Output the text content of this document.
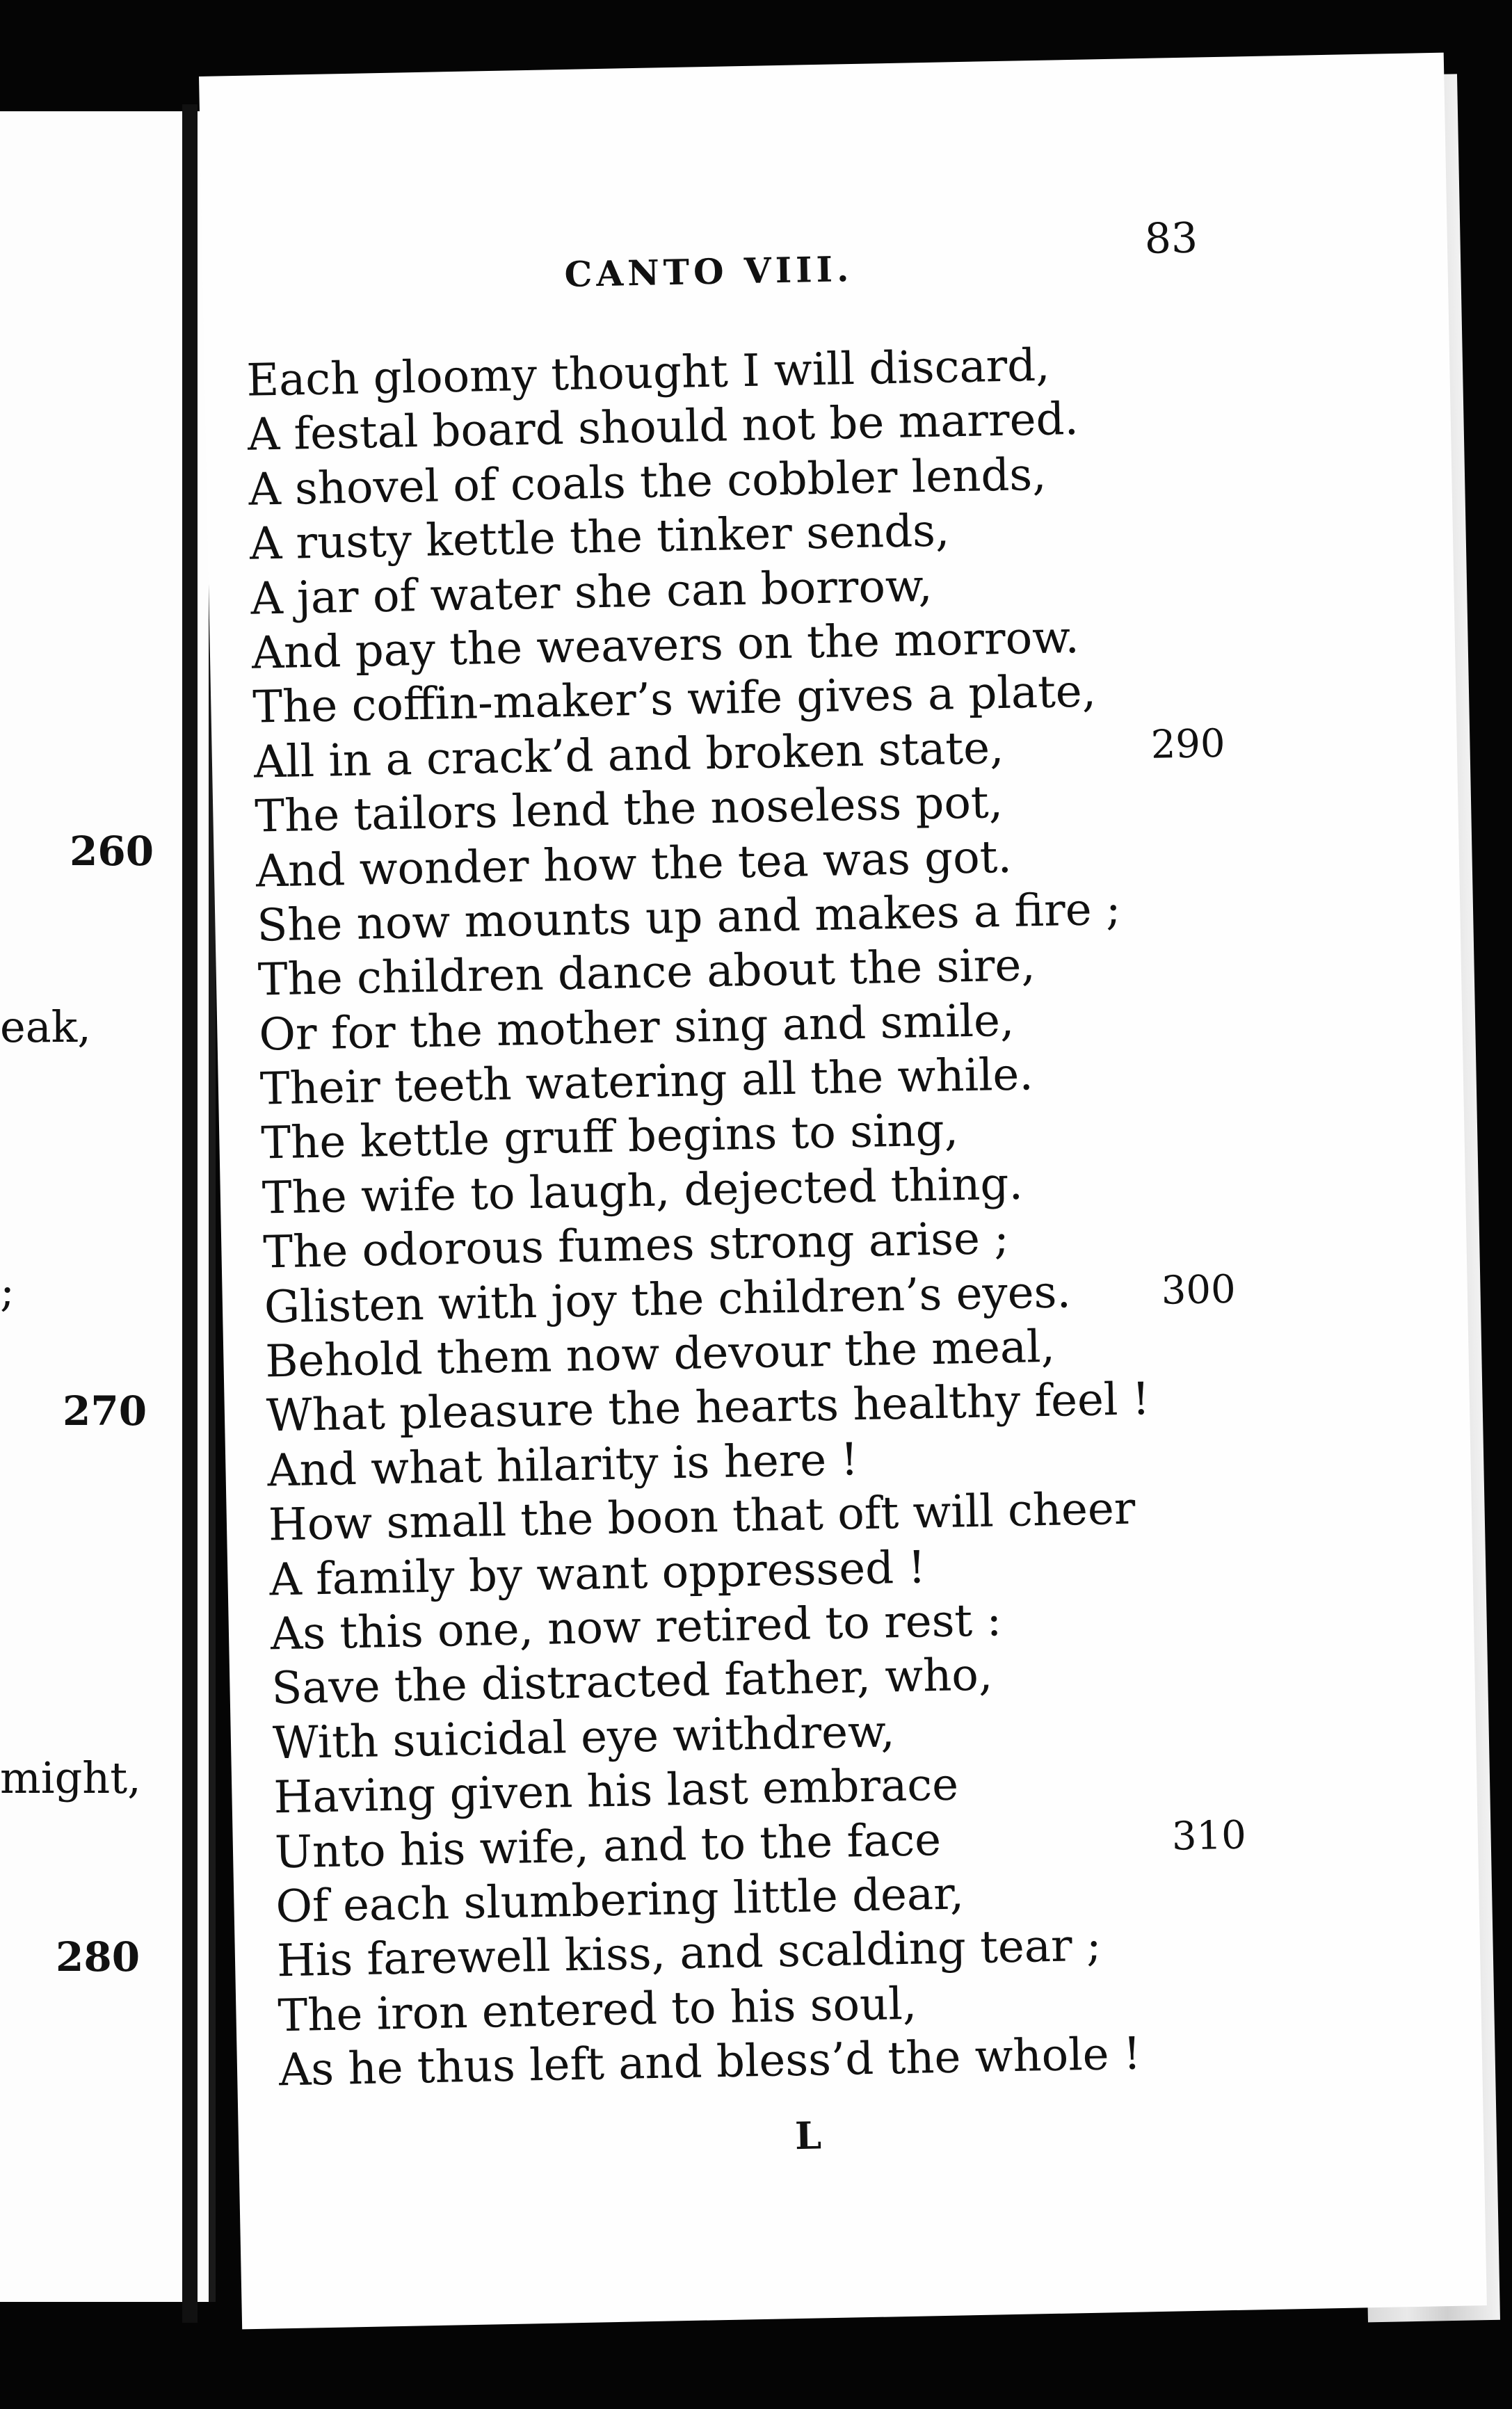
260
eak,
;
270
might,
280
CANTO VIII.
83
Each gloomy thought I will discard,
A festal board should not be marred.
A shovel of coals the cobbler lends,
A rusty kettle the tinker sends,
A jar of water she can borrow,
And pay the weavers on the morrow.
The coffin-maker’s wife gives a plate,
All in a crack’d and broken state,
The tailors lend the noseless pot,
And wonder how the tea was got.
She now mounts up and makes a fire ;
The children dance about the sire,
Or for the mother sing and smile,
Their teeth watering all the while.
The kettle gruff begins to sing,
The wife to laugh, dejected thing.
The odorous fumes strong arise ;
Glisten with joy the children’s eyes.
Behold them now devour the meal,
What pleasure the hearts healthy feel !
And what hilarity is here !
How small the boon that oft will cheer
A family by want oppressed !
As this one, now retired to rest :
Save the distracted father, who,
With suicidal eye withdrew,
Having given his last embrace
Unto his wife, and to the face
Of each slumbering little dear,
His farewell kiss, and scalding tear ;
The iron entered to his soul,
As he thus left and bless’d the whole !
290
300
310
L
